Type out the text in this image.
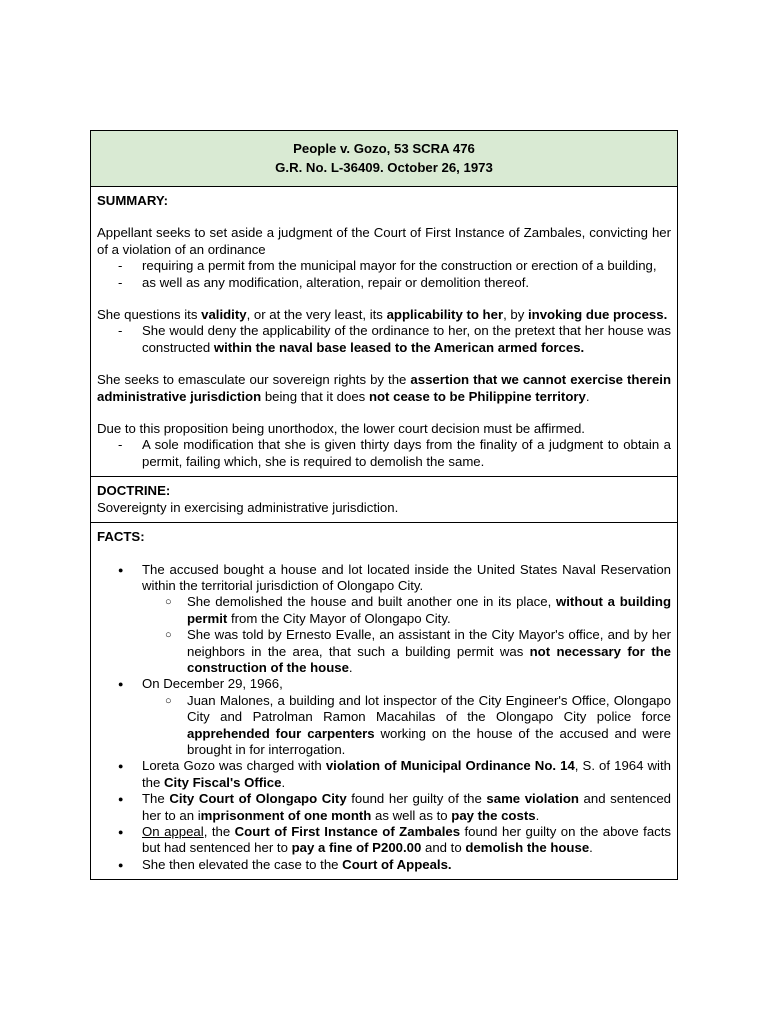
People v. Gozo, 53 SCRA 476
G.R. No. L-36409. October 26, 1973
SUMMARY:

Appellant seeks to set aside a judgment of the Court of First Instance of Zambales, convicting her of a violation of an ordinance

- requiring a permit from the municipal mayor for the construction or erection of a building,
- as well as any modification, alteration, repair or demolition thereof.

She questions its validity, or at the very least, its applicability to her, by invoking due process.

- She would deny the applicability of the ordinance to her, on the pretext that her house was constructed within the naval base leased to the American armed forces.

She seeks to emasculate our sovereign rights by the assertion that we cannot exercise therein administrative jurisdiction being that it does not cease to be Philippine territory.

Due to this proposition being unorthodox, the lower court decision must be affirmed.

- A sole modification that she is given thirty days from the finality of a judgment to obtain a permit, failing which, she is required to demolish the same.
DOCTRINE:

Sovereignty in exercising administrative jurisdiction.

FACTS:
● The accused bought a house and lot located inside the United States Naval Reservation within the territorial jurisdiction of Olongapo City.
○ She demolished the house and built another one in its place, without a building permit from the City Mayor of Olongapo City.
○ She was told by Ernesto Evalle, an assistant in the City Mayor's office, and by her neighbors in the area, that such a building permit was not necessary for the construction of the house.
● On December 29, 1966,
○ Juan Malones, a building and lot inspector of the City Engineer's Office, Olongapo City and Patrolman Ramon Macahilas of the Olongapo City police force apprehended four carpenters working on the house of the accused and were brought in for interrogation.
● Loreta Gozo was charged with violation of Municipal Ordinance No. 14, S. of 1964 with the City Fiscal's Office.
● The City Court of Olongapo City found her guilty of the same violation and sentenced her to an imprisonment of one month as well as to pay the costs.
● On appeal, the Court of First Instance of Zambales found her guilty on the above facts but had sentenced her to pay a fine of P200.00 and to demolish the house.
● She then elevated the case to the Court of Appeals.
